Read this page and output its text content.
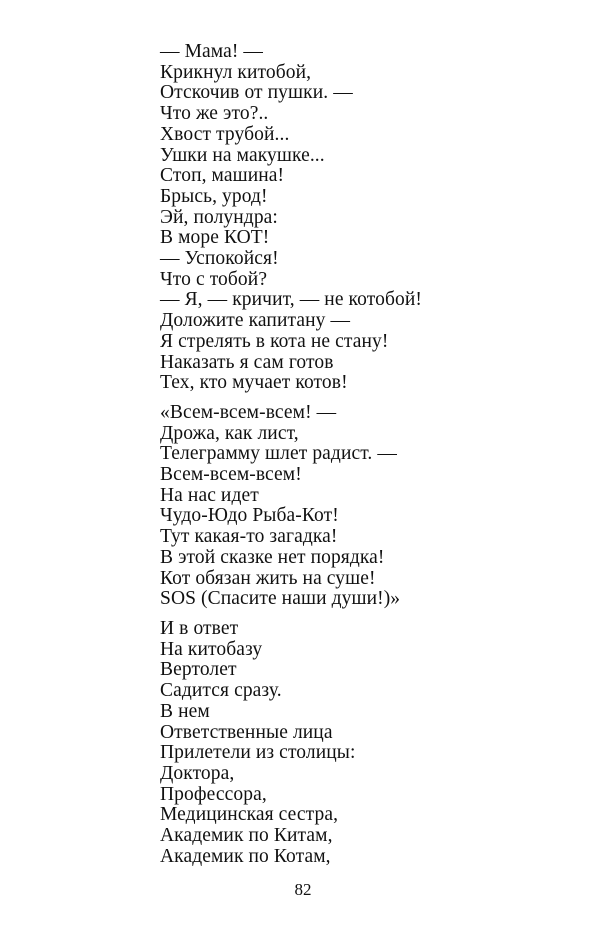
— Мама! —
Крикнул китобой,
Отскочив от пушки. —
Что же это?..
Хвост трубой...
Ушки на макушке...
Стоп, машина!
Брысь, урод!
Эй, полундра:
В море КОТ!
— Успокойся!
Что с тобой?
— Я, — кричит, — не котобой!
Доложите капитану —
Я стрелять в кота не стану!
Наказать я сам готов
Тех, кто мучает котов!
«Всем-всем-всем! —
Дрожа, как лист,
Телеграмму шлет радист. —
Всем-всем-всем!
На нас идет
Чудо-Юдо Рыба-Кот!
Тут какая-то загадка!
В этой сказке нет порядка!
Кот обязан жить на суше!
SOS (Спасите наши души!)»
И в ответ
На китобазу
Вертолет
Садится сразу.
В нем
Ответственные лица
Прилетели из столицы:
Доктора,
Профессора,
Медицинская сестра,
Академик по Китам,
Академик по Котам,
82
